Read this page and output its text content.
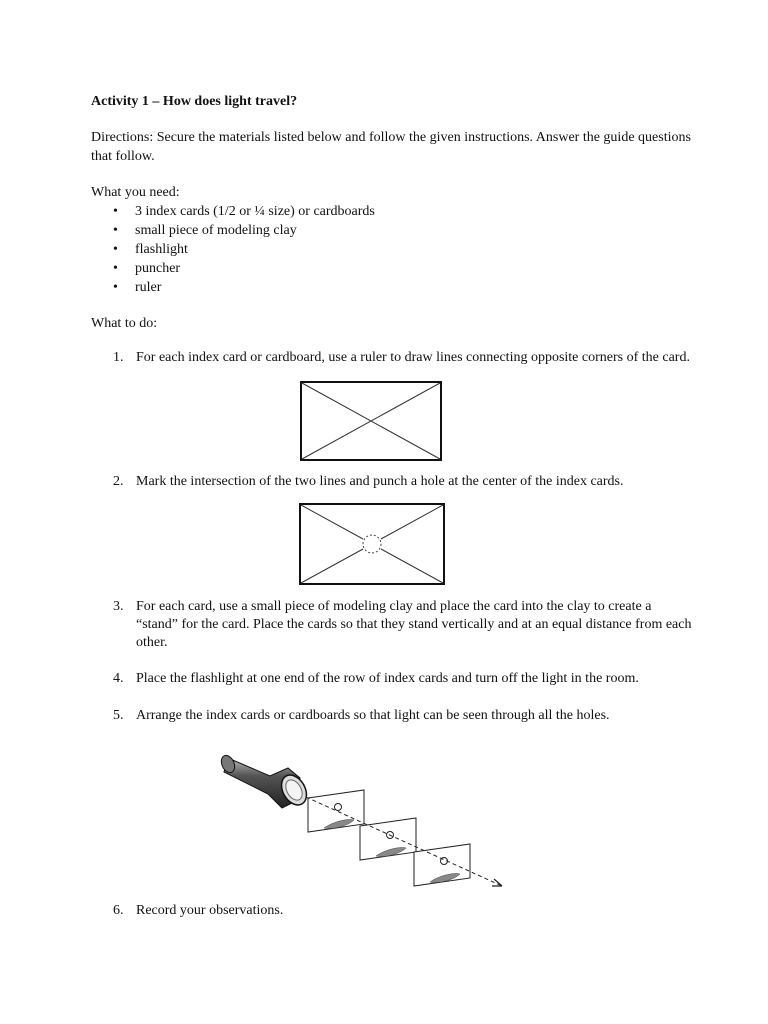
Activity 1 – How does light travel?
Directions: Secure the materials listed below and follow the given instructions. Answer the guide questions that follow.
What you need:
• 3 index cards (1/2 or ¼ size) or cardboards
• small piece of modeling clay
• flashlight
• puncher
• ruler
What to do:
1. For each index card or cardboard, use a ruler to draw lines connecting opposite corners of the card.
2. Mark the intersection of the two lines and punch a hole at the center of the index cards.
3. For each card, use a small piece of modeling clay and place the card into the clay to create a “stand” for the card. Place the cards so that they stand vertically and at an equal distance from each other.
4. Place the flashlight at one end of the row of index cards and turn off the light in the room.
5. Arrange the index cards or cardboards so that light can be seen through all the holes.
6. Record your observations.
